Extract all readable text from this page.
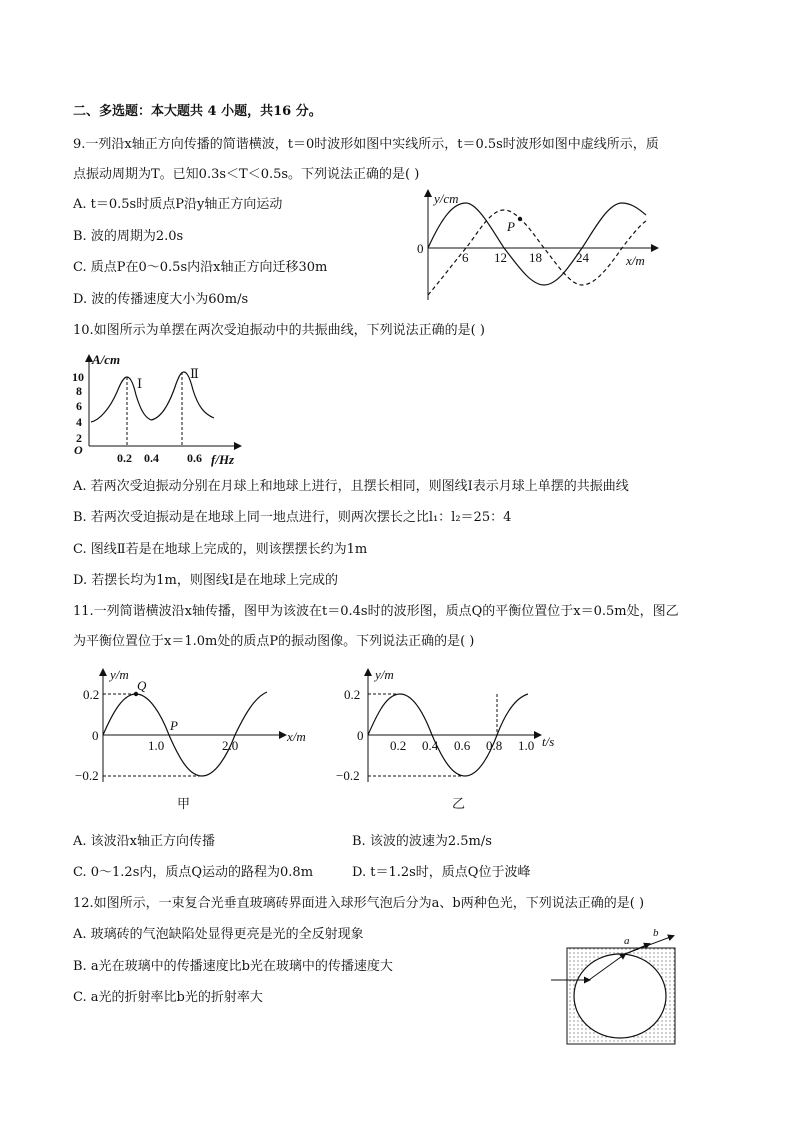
二、多选题：本大题共 4 小题，共16 分。
9.一列沿x轴正方向传播的简谐横波，t＝0时波形如图中实线所示，t＝0.5s时波形如图中虚线所示，质
点振动周期为T。已知0.3s＜T＜0.5s。下列说法正确的是( )
A. t＝0.5s时质点P沿y轴正方向运动
B. 波的周期为2.0s
C. 质点P在0～0.5s内沿x轴正方向迁移30m
D. 波的传播速度大小为60m/s
P
y/cm
x/m
0
6 12 18	24
10.如图所示为单摆在两次受迫振动中的共振曲线，下列说法正确的是( )
Ⅰ
Ⅱ
A/cm
f/Hz
O
2
4
6
8
10
0.2 0.4 0.6
A. 若两次受迫振动分别在月球上和地球上进行，且摆长相同，则图线Ⅰ表示月球上单摆的共振曲线
B. 若两次受迫振动是在地球上同一地点进行，则两次摆长之比l₁：l₂＝25：4
C. 图线Ⅱ若是在地球上完成的，则该摆摆长约为1m
D. 若摆长均为1m，则图线Ⅰ是在地球上完成的
11.一列简谐横波沿x轴传播，图甲为该波在t＝0.4s时的波形图，质点Q的平衡位置位于x＝0.5m处，图乙
为平衡位置位于x＝1.0m处的质点P的振动图像。下列说法正确的是( )
Q
P
y/m
x/m
0
0.2
−0.2
1.0	2.0
甲
y/m
t/s
0
0.2
−0.2
0.2 0.4 0.6 0.8 1.0
乙
A. 该波沿x轴正方向传播	B. 该波的波速为2.5m/s
C. 0～1.2s内，质点Q运动的路程为0.8m	D. t＝1.2s时，质点Q位于波峰
12.如图所示，一束复合光垂直玻璃砖界面进入球形气泡后分为a、b两种色光，下列说法正确的是( )
A. 玻璃砖的气泡缺陷处显得更亮是光的全反射现象
B. a光在玻璃中的传播速度比b光在玻璃中的传播速度大
C. a光的折射率比b光的折射率大
a
b
